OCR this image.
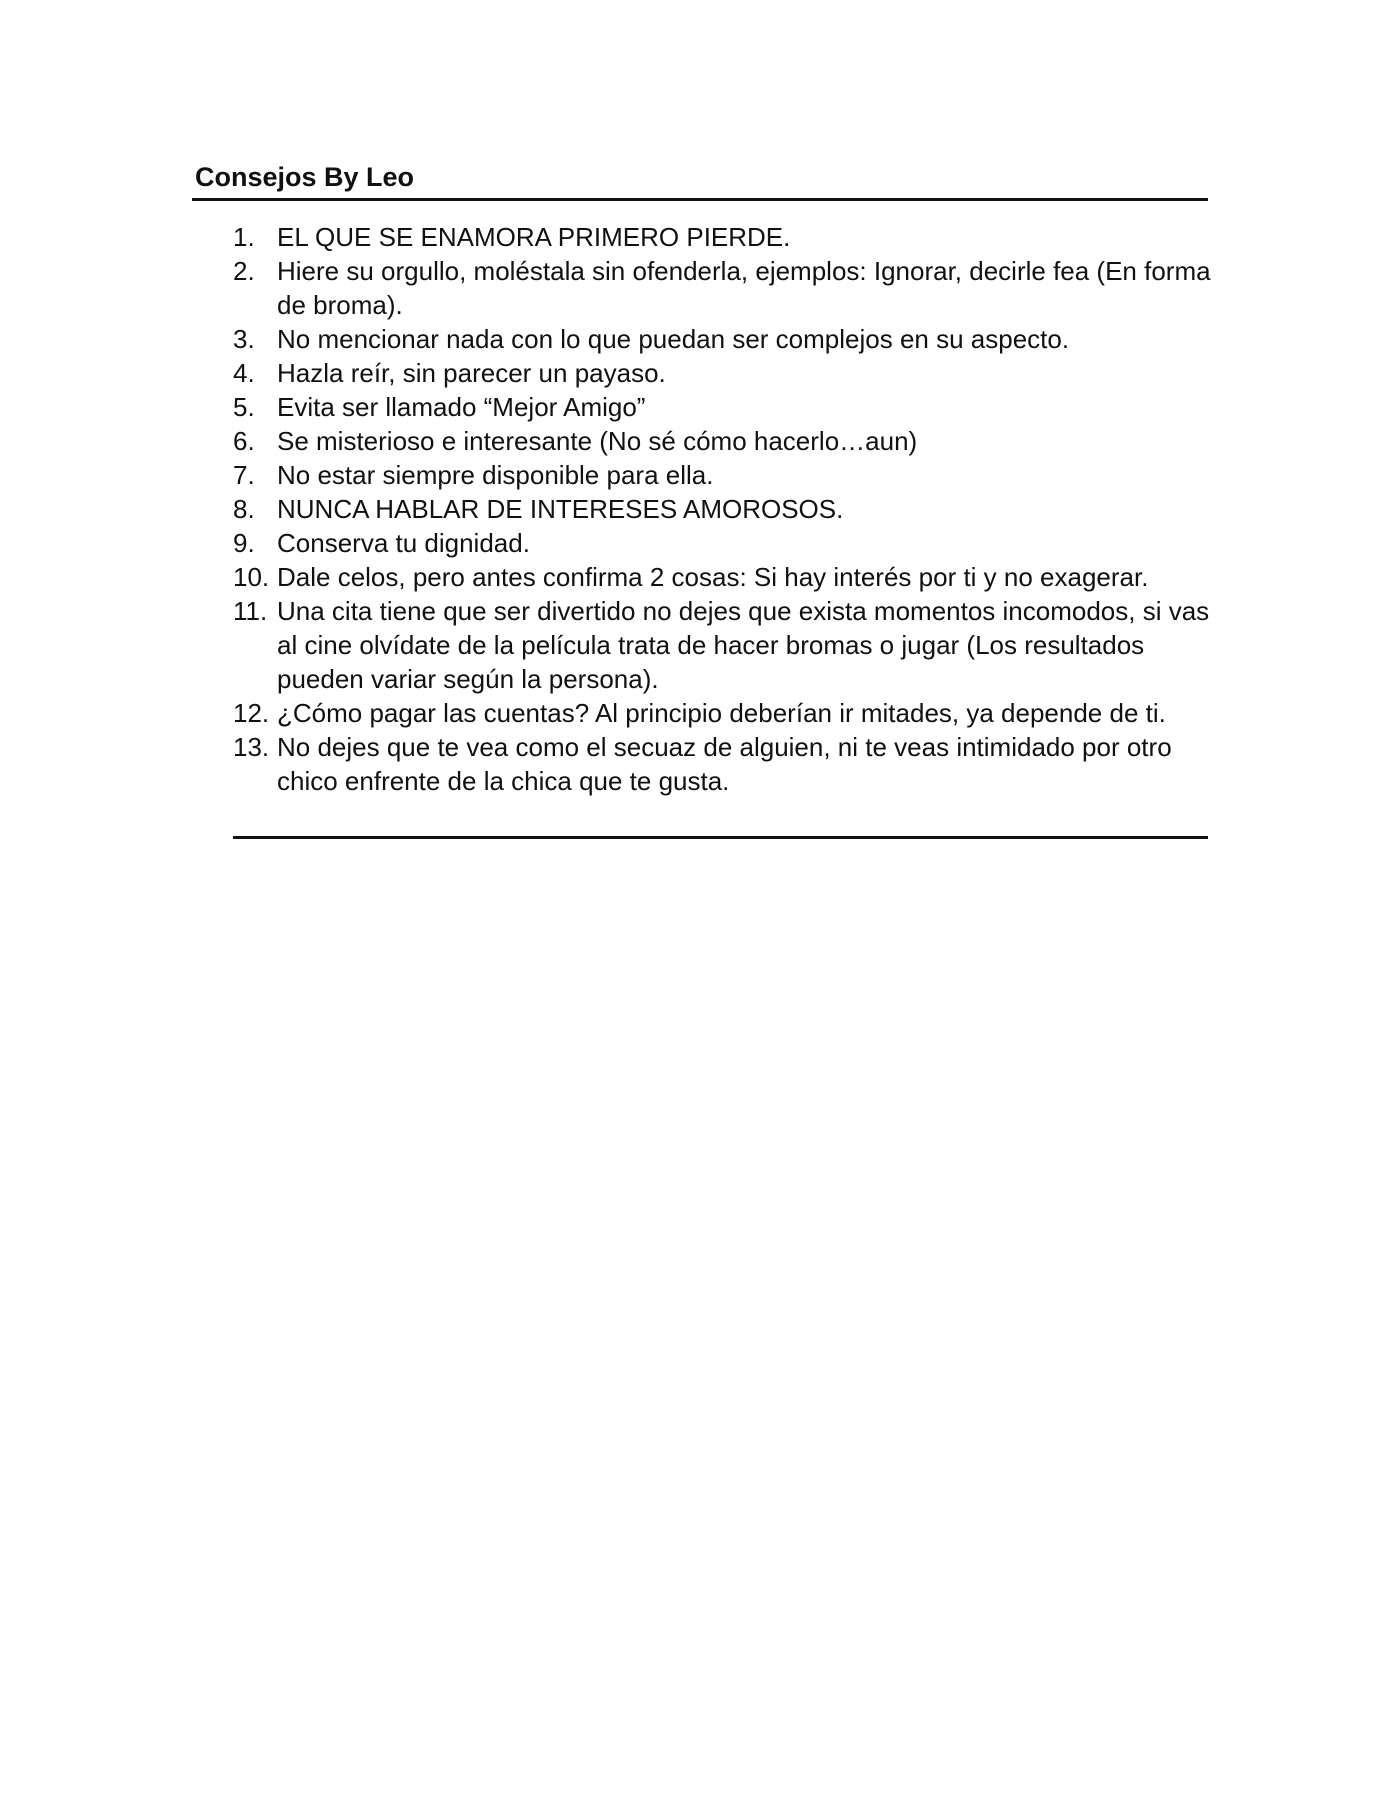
Consejos By Leo
1. EL QUE SE ENAMORA PRIMERO PIERDE.
2. Hiere su orgullo, moléstala sin ofenderla, ejemplos: Ignorar, decirle fea (En forma de broma).
3. No mencionar nada con lo que puedan ser complejos en su aspecto.
4. Hazla reír, sin parecer un payaso.
5. Evita ser llamado “Mejor Amigo”
6. Se misterioso e interesante (No sé cómo hacerlo…aun)
7. No estar siempre disponible para ella.
8. NUNCA HABLAR DE INTERESES AMOROSOS.
9. Conserva tu dignidad.
10. Dale celos, pero antes confirma 2 cosas: Si hay interés por ti y no exagerar.
11. Una cita tiene que ser divertido no dejes que exista momentos incomodos, si vas al cine olvídate de la película trata de hacer bromas o jugar (Los resultados pueden variar según la persona).
12. ¿Cómo pagar las cuentas? Al principio deberían ir mitades, ya depende de ti.
13. No dejes que te vea como el secuaz de alguien, ni te veas intimidado por otro chico enfrente de la chica que te gusta.
